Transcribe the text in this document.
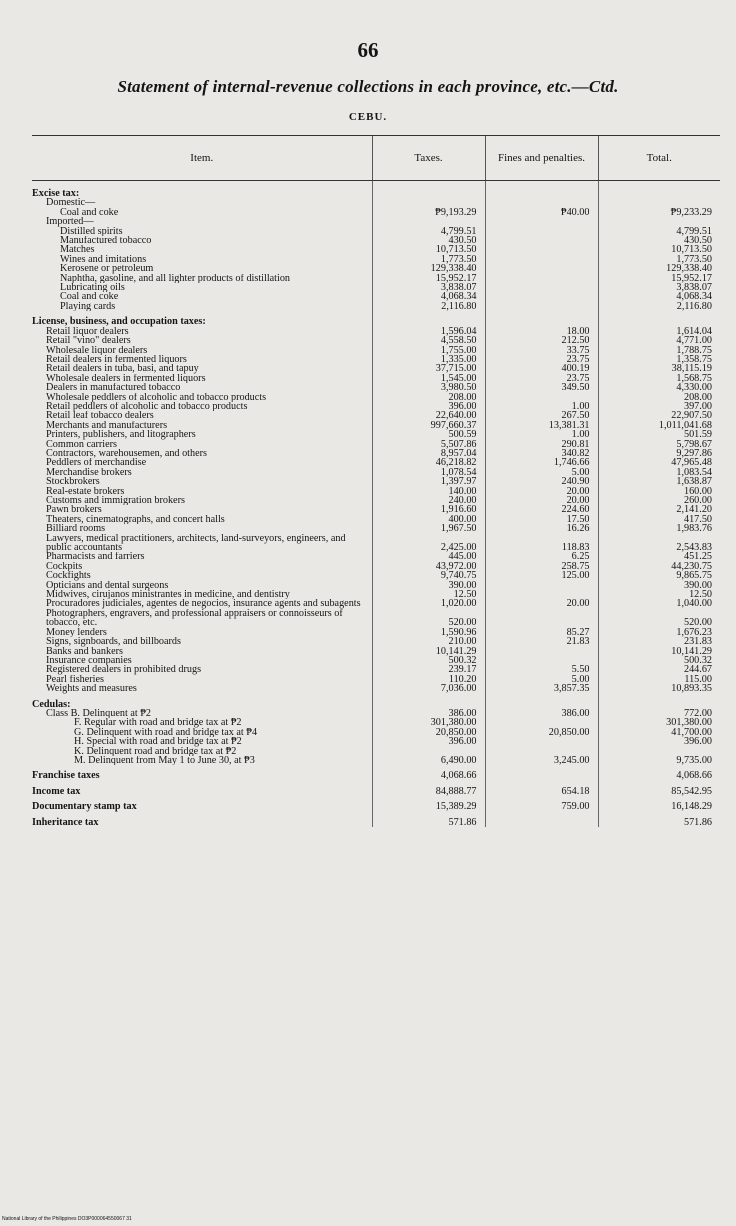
66
Statement of internal-revenue collections in each province, etc.—Ctd.
CEBU.
Item.	Taxes.	Fines and penalties.	Total.
Excise tax:			
Domestic—			
Coal and coke	₱9,193.29	₱40.00	₱9,233.29
Imported—			
Distilled spirits	4,799.51		4,799.51
Manufactured tobacco	430.50		430.50
Matches	10,713.50		10,713.50
Wines and imitations	1,773.50		1,773.50
Kerosene or petroleum	129,338.40		129,338.40
Naphtha, gasoline, and all lighter products of distillation	15,952.17		15,952.17
Lubricating oils	3,838.07		3,838.07
Coal and coke	4,068.34		4,068.34
Playing cards	2,116.80		2,116.80
License, business, and occupation taxes:			
Retail liquor dealers	1,596.04	18.00	1,614.04
Retail "vino" dealers	4,558.50	212.50	4,771.00
Wholesale liquor dealers	1,755.00	33.75	1,788.75
Retail dealers in fermented liquors	1,335.00	23.75	1,358.75
Retail dealers in tuba, basi, and tapuy	37,715.00	400.19	38,115.19
Wholesale dealers in fermented liquors	1,545.00	23.75	1,568.75
Dealers in manufactured tobacco	3,980.50	349.50	4,330.00
Wholesale peddlers of alcoholic and tobacco products	208.00		208.00
Retail peddlers of alcoholic and tobacco products	396.00	1.00	397.00
Retail leaf tobacco dealers	22,640.00	267.50	22,907.50
Merchants and manufacturers	997,660.37	13,381.31	1,011,041.68
Printers, publishers, and litographers	500.59	1.00	501.59
Common carriers	5,507.86	290.81	5,798.67
Contractors, warehousemen, and others	8,957.04	340.82	9,297.86
Peddlers of merchandise	46,218.82	1,746.66	47,965.48
Merchandise brokers	1,078.54	5.00	1,083.54
Stockbrokers	1,397.97	240.90	1,638.87
Real-estate brokers	140.00	20.00	160.00
Customs and immigration brokers	240.00	20.00	260.00
Pawn brokers	1,916.60	224.60	2,141.20
Theaters, cinematographs, and concert halls	400.00	17.50	417.50
Billiard rooms	1,967.50	16.26	1,983.76
Lawyers, medical practitioners, architects, land-surveyors, engineers, and public accountants	2,425.00	118.83	2,543.83
Pharmacists and farriers	445.00	6.25	451.25
Cockpits	43,972.00	258.75	44,230.75
Cockfights	9,740.75	125.00	9,865.75
Opticians and dental surgeons	390.00		390.00
Midwives, cirujanos ministrantes in medicine, and dentistry	12.50		12.50
Procuradores judiciales, agentes de negocios, insurance agents and subagents	1,020.00	20.00	1,040.00
Photographers, engravers, and professional appraisers or connoisseurs of tobacco, etc.	520.00		520.00
Money lenders	1,590.96	85.27	1,676.23
Signs, signboards, and billboards	210.00	21.83	231.83
Banks and bankers	10,141.29		10,141.29
Insurance companies	500.32		500.32
Registered dealers in prohibited drugs	239.17	5.50	244.67
Pearl fisheries	110.20	5.00	115.00
Weights and measures	7,036.00	3,857.35	10,893.35
Cedulas:			
Class B. Delinquent at ₱2	386.00	386.00	772.00
F. Regular with road and bridge tax at ₱2	301,380.00		301,380.00
G. Delinquent with road and bridge tax at ₱4	20,850.00	20,850.00	41,700.00
H. Special with road and bridge tax at ₱2	396.00		396.00
K. Delinquent road and bridge tax at ₱2			
M. Delinquent from May 1 to June 30, at ₱3	6,490.00	3,245.00	9,735.00
Franchise taxes	4,068.66		4,068.66
Income tax	84,888.77	654.18	85,542.95
Documentary stamp tax	15,389.29	759.00	16,148.29
Inheritance tax	571.86		571.86
National Library of the Philippines DO3P000064550067 31
